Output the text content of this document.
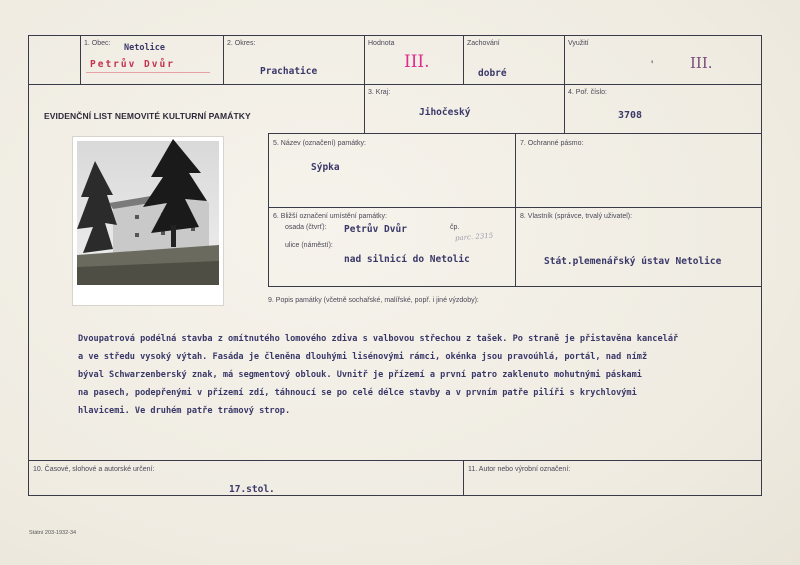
1. Obec: Netolice
Petrův Dvůr
2. Okres:
Prachatice
Hodnota
III.
Zachování
dobré
Využití
' III.
EVIDENČNÍ LIST NEMOVITÉ KULTURNÍ PAMÁTKY
3. Kraj:
Jihočeský
4. Poř. číslo:
3708
5. Název (označení) památky:
Sýpka
7. Ochranné pásmo:
6. Bližší označení umístění památky:
osada (čtvrť): Petrův Dvůr	čp.
parc. 2315
ulice (náměstí):
nad silnicí do Netolic
8. Vlastník (správce, trvalý uživatel):
Stát.plemenářský ústav Netolice
9. Popis památky (včetně sochařské, malířské, popř. i jiné výzdoby):
Dvoupatrová podélná stavba z omítnutého lomového zdiva s valbovou střechou z tašek. Po straně je přistavěna kancelář
a ve středu vysoký výtah. Fasáda je členěna dlouhými lisénovými rámci, okénka jsou pravoúhlá, portál, nad nímž
býval Schwarzenberský znak, má segmentový oblouk. Uvnitř je přízemí a první patro zaklenuto mohutnými pásk​ami
na pasech, podepřenými v přízemí zdí, táhnoucí se po celé délce stavby a v prvním patře pilíři s krychlovými
hlavicemi. Ve druhém patře trámový strop.
10. Časové, slohové a autorské určení:
17.stol.
11. Autor nebo výrobní označení:
Státní 203-1932-34
